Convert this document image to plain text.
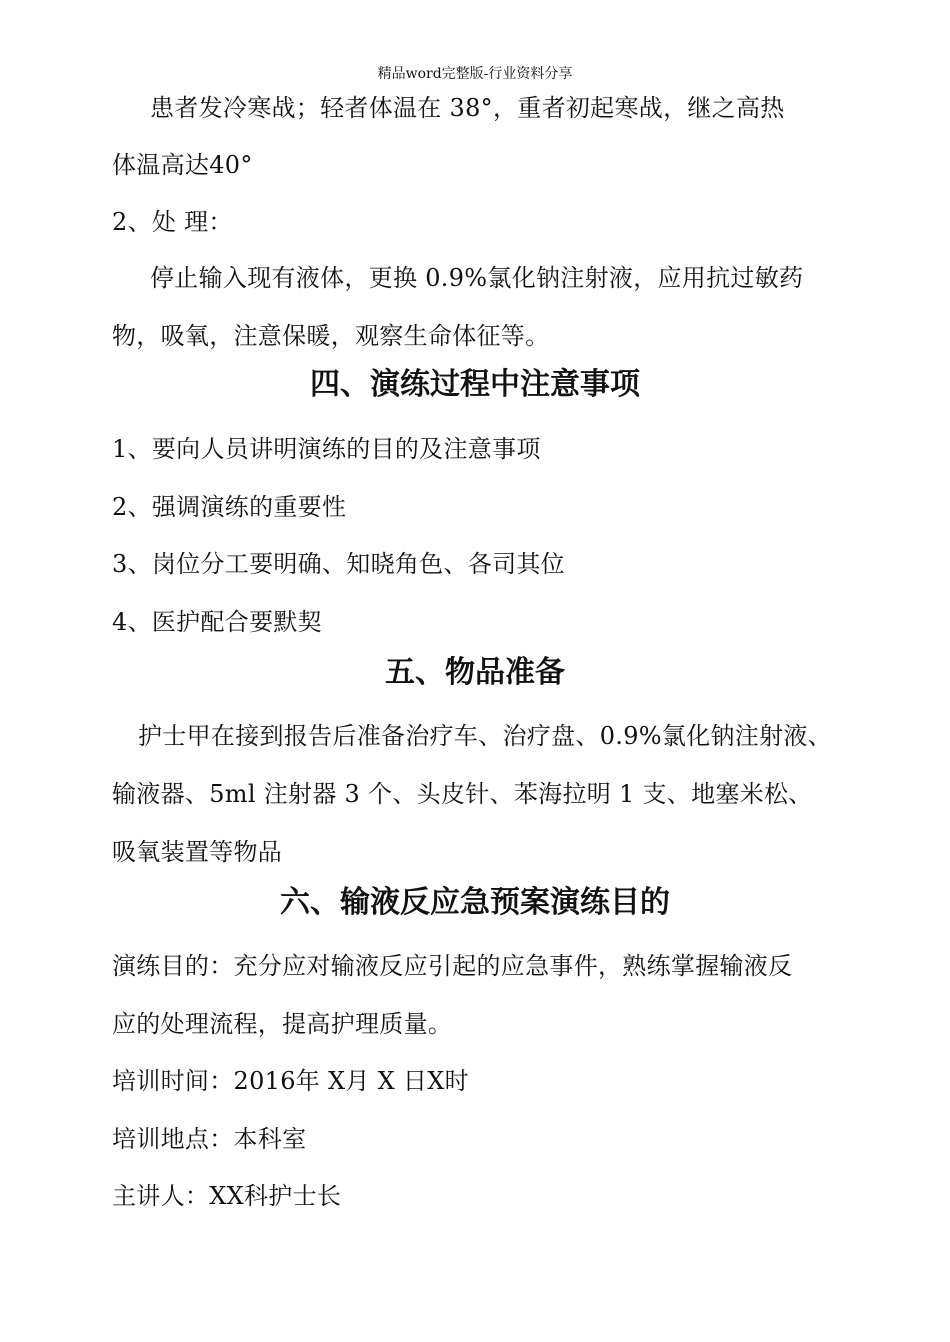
精品word完整版-行业资料分享
患者发冷寒战；轻者体温在 38°，重者初起寒战，继之高热
体温高达40°
2、处 理：
停止输入现有液体，更换 0.9%氯化钠注射液，应用抗过敏药
物，吸氧，注意保暖，观察生命体征等。
四、演练过程中注意事项
1、要向人员讲明演练的目的及注意事项
2、强调演练的重要性
3、岗位分工要明确、知晓角色、各司其位
4、医护配合要默契
五、物品准备
护士甲在接到报告后准备治疗车、治疗盘、0.9%氯化钠注射液、
输液器、5ml 注射器 3 个、头皮针、苯海拉明 1 支、地塞米松、
吸氧装置等物品
六、输液反应急预案演练目的
演练目的：充分应对输液反应引起的应急事件，熟练掌握输液反
应的处理流程，提高护理质量。
培训时间：2016年 X月 X 日X时
培训地点：本科室
主讲人：XX科护士长
